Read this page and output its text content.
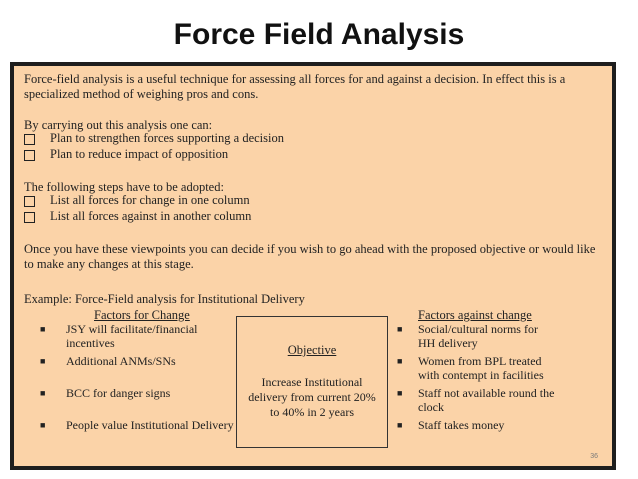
Force Field Analysis
Force-field analysis is a useful technique for assessing all forces for and against a decision. In effect this is a specialized method of weighing pros and cons.
By carrying out this analysis one can:
Plan to strengthen forces supporting a decision
Plan to reduce impact of opposition
The following steps have to be adopted:
List all forces for change in one column
List all forces against in another column
Once you have these viewpoints you can decide if you wish to go ahead with the proposed objective or would like to make any changes at this stage.
Example: Force-Field analysis for Institutional Delivery
Factors for Change
■ JSY will facilitate/financial incentives
■ Additional ANMs/SNs
■ BCC for danger signs
■ People value Institutional Delivery
Objective
Increase Institutional delivery from current 20% to 40% in 2 years
Factors against change
■ Social/cultural norms for HH delivery
■ Women from BPL treated with contempt in facilities
■ Staff not available round the clock
■ Staff takes money
36
